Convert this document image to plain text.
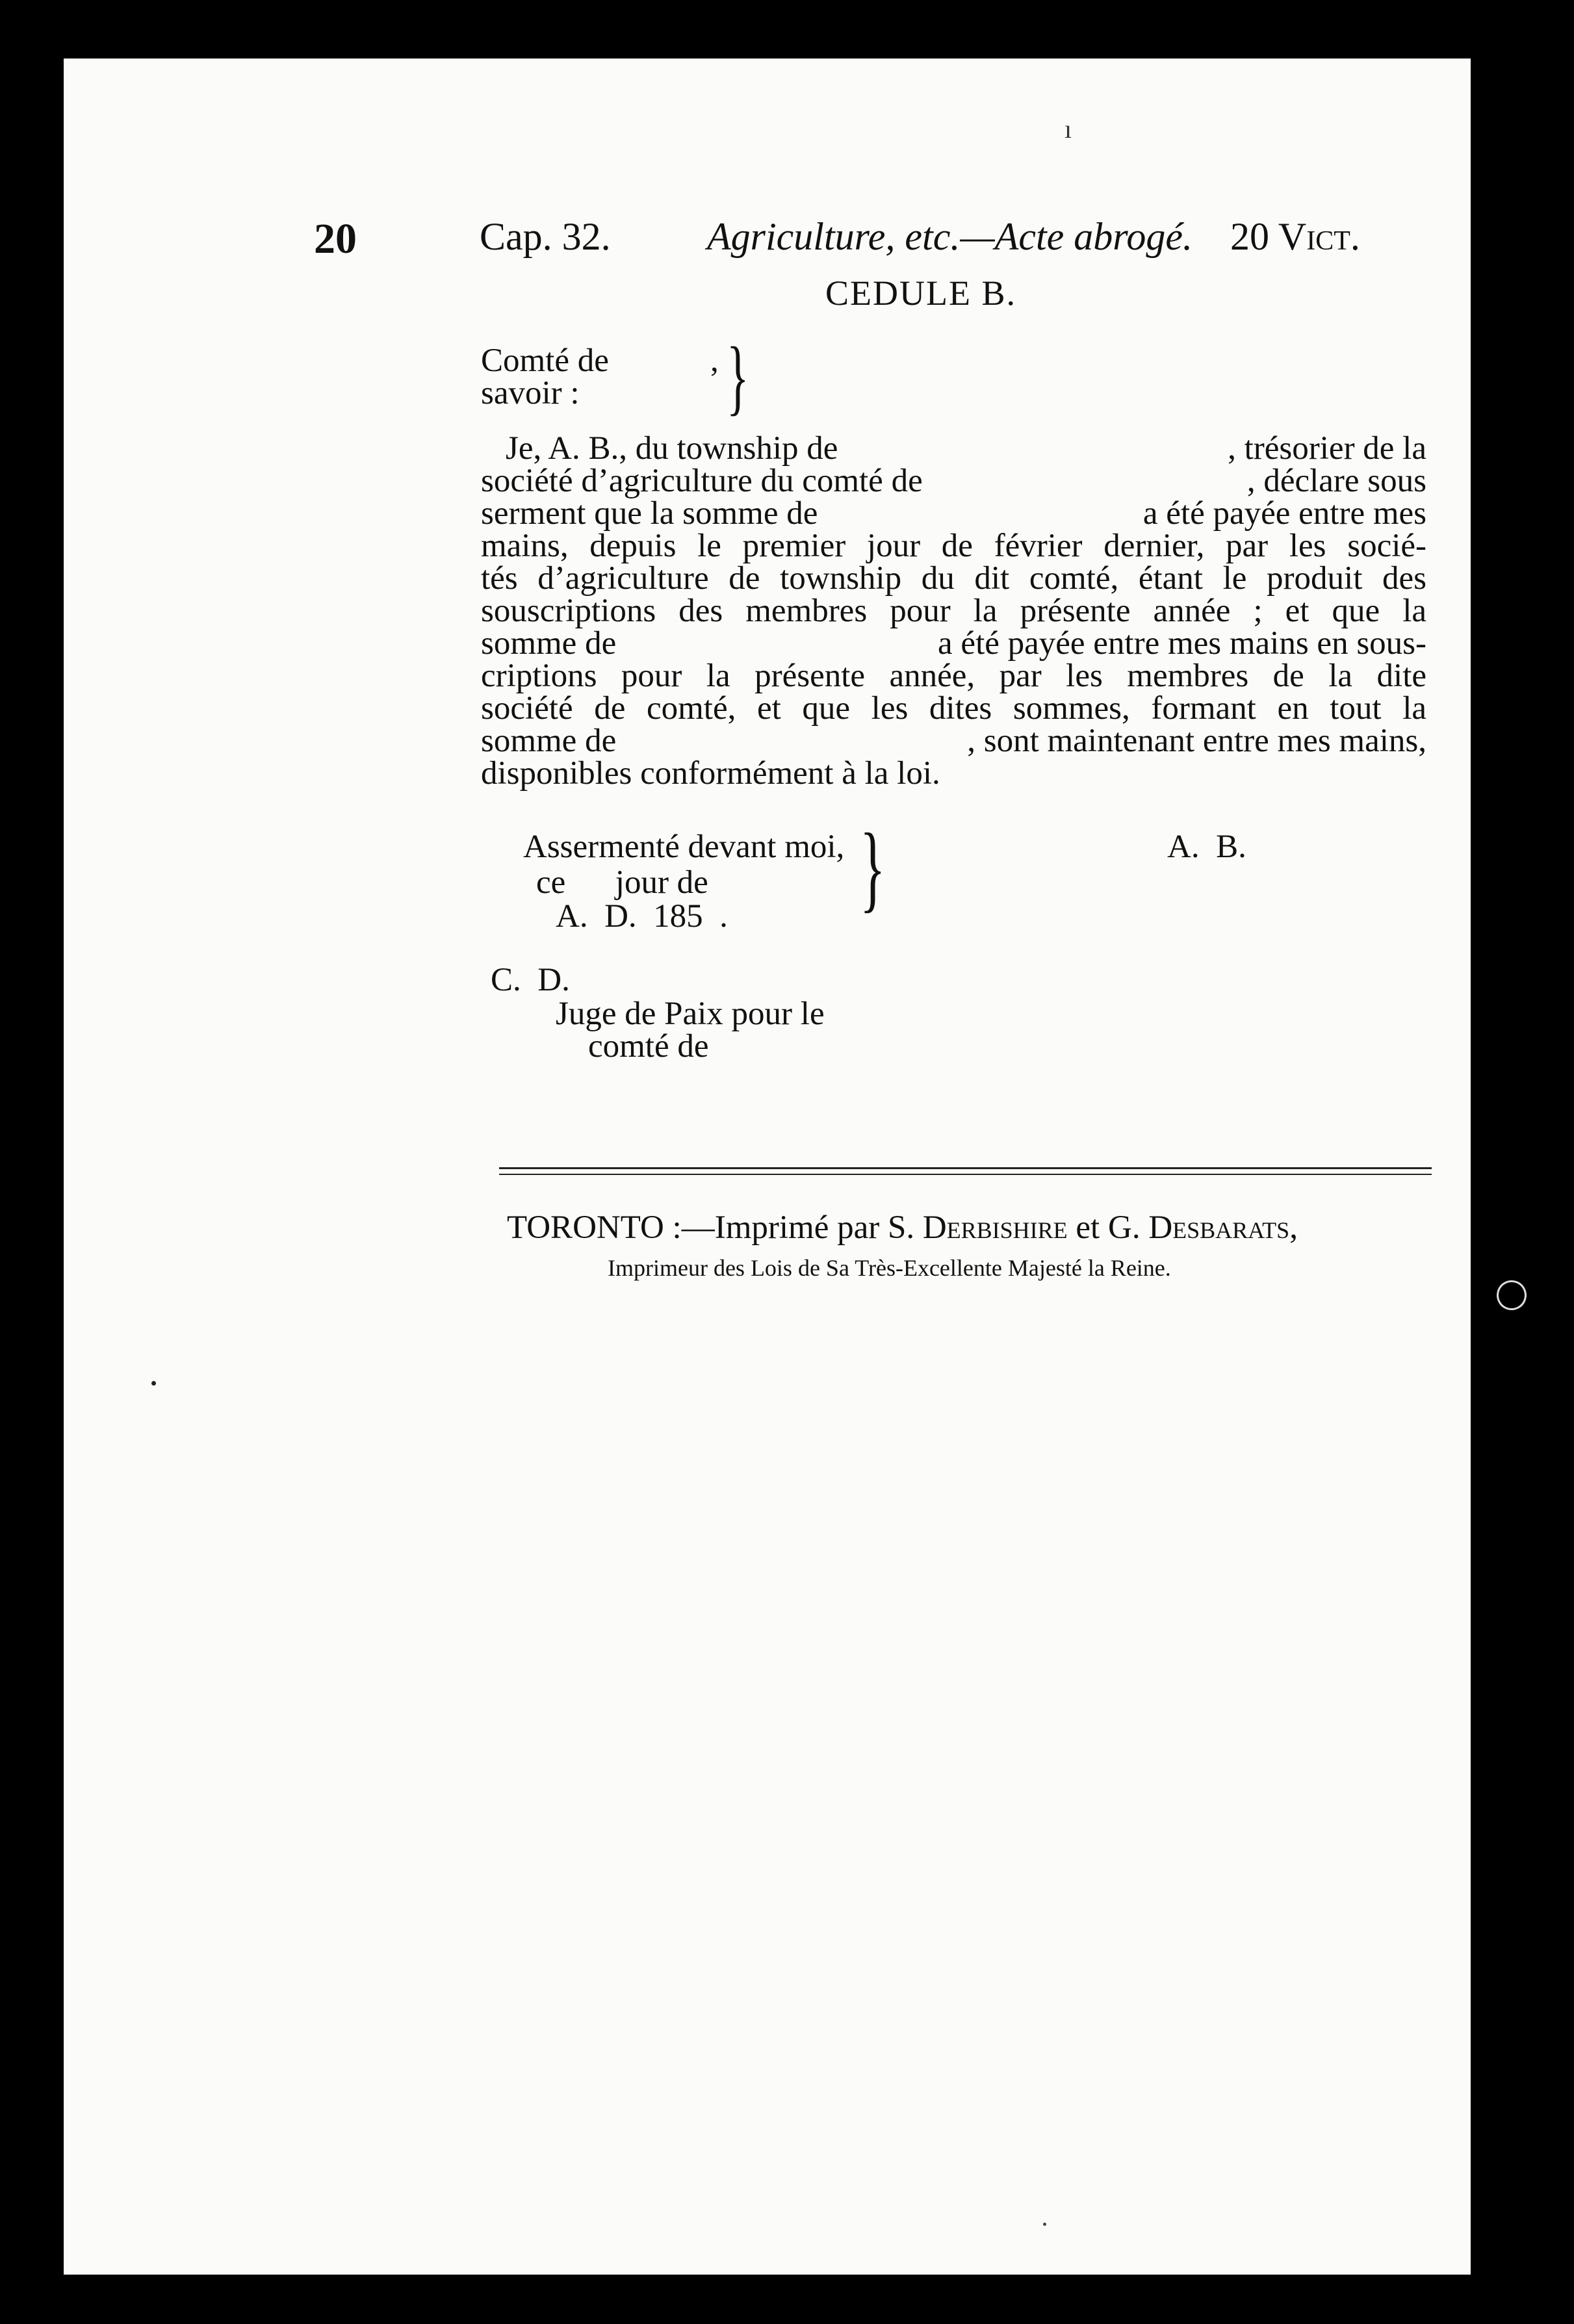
ı
20	Cap. 32. Agriculture, etc.—Acte abrogé. 20 Vict.
CEDULE B.
Comté de	,
savoir : }
Je, A. B., du township de	, trésorier de la
société d’agriculture du comté de	, déclare sous
serment que la somme de	a été payée entre mes
mains, depuis le premier jour de février dernier, par les socié-
tés d’agriculture de township du dit comté, étant le produit des
souscriptions des membres pour la présente année ; et que la
somme de	a été payée entre mes mains en sous-
criptions pour la présente année, par les membres de la dite
société de comté, et que les dites sommes, formant en tout la
somme de	, sont maintenant entre mes mains,
disponibles conformément à la loi.
Assermenté devant moi,
ce      jour de
A.  D.  185  . }	A.  B.
C.  D.
Juge de Paix pour le
comté de
TORONTO :—Imprimé par S. Derbishire et G. Desbarats,
Imprimeur des Lois de Sa Très-Excellente Majesté la Reine.
